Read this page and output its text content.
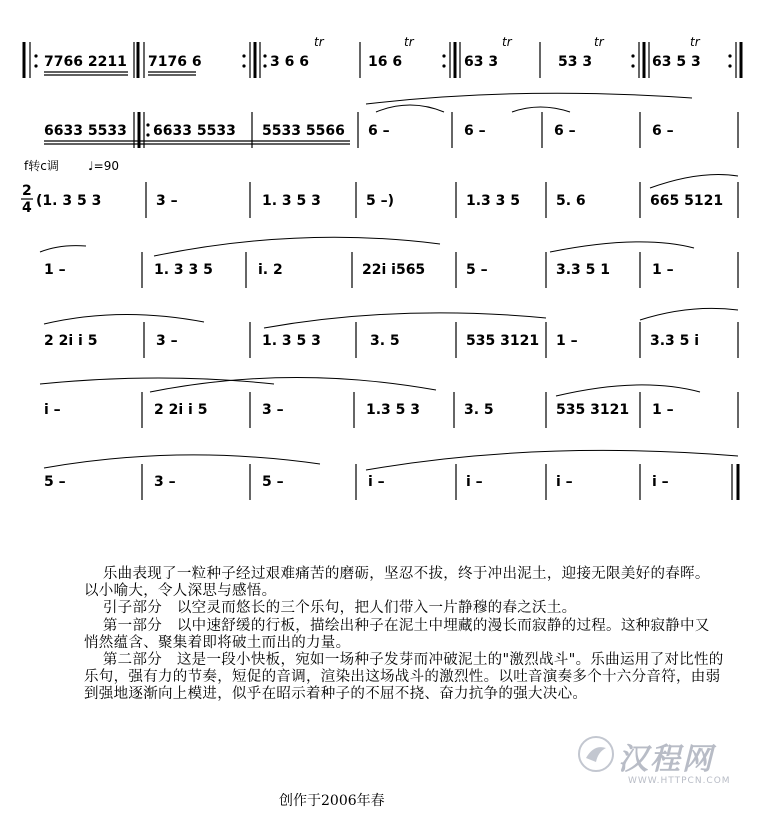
7766 2211 7176 6	3 6 6
tr
16 6
tr
63 3
tr
53 3
tr
63 5 3
tr
6633 5533 6633 5533 5533 5566 6 –	6 –	6 –	6 –
f转c调 ♩=90
2
4 (1. 3 5 3	3 –	1. 3 5 3	5 –)	1.3 3 5	5. 6	665 5121
1 –	1. 3 3 5	i. 2	22i i565	5 –	3.3 5 1	1 –
2 2i i 5	3 –	1. 3 5 3	3. 5	535 3121 1 –	3.3 5 i
i –	2 2i i 5	3 –	1.3 5 3	3. 5	535 3121 1 –
5 –	3 –	5 –	i –	i –	i –	i –

乐曲表现了一粒种子经过艰难痛苦的磨砺，坚忍不拔，终于冲出泥土，迎接无限美好的春晖。以小喻大，令人深思与感悟。

引子部分　以空灵而悠长的三个乐句，把人们带入一片静穆的春之沃土。

第一部分　以中速舒缓的行板，描绘出种子在泥土中埋藏的漫长而寂静的过程。这种寂静中又悄然蕴含、聚集着即将破土而出的力量。

第二部分　这是一段小快板，宛如一场种子发芽而冲破泥土的"激烈战斗"。乐曲运用了对比性的乐句，强有力的节奏，短促的音调，渲染出这场战斗的激烈性。以吐音演奏多个十六分音符，由弱到强地逐渐向上模进，似乎在昭示着种子的不屈不挠、奋力抗争的强大决心。

创作于2006年春
汉程网
WWW.HTTPCN.COM
